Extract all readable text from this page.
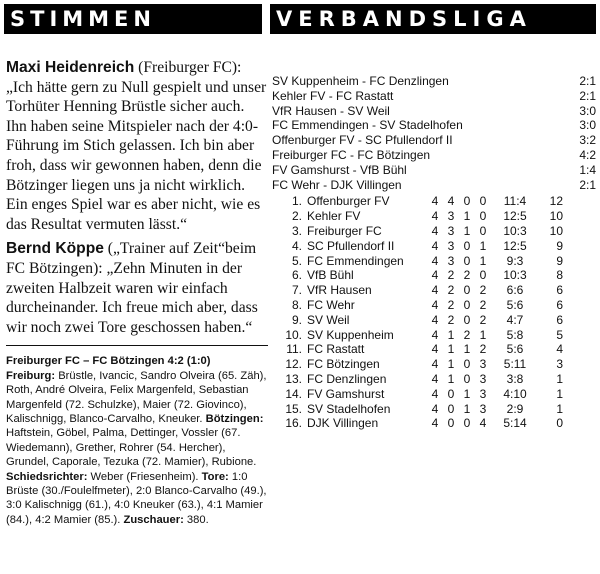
STIMMEN	VERBANDSLIGA

Maxi Heidenreich (Freiburger FC): „Ich hätte gern zu Null gespielt und unser Torhüter Henning Brüstle sicher auch. Ihn haben seine Mitspieler nach der 4:0-Führung im Stich gelassen. Ich bin aber froh, dass wir gewonnen haben, denn die Bötzinger liegen uns ja nicht wirklich. Ein enges Spiel war es aber nicht, wie es das Resultat vermuten lässt.“

Bernd Köppe („Trainer auf Zeit“beim FC Bötzingen): „Zehn Minuten in der zweiten Halbzeit waren wir einfach durcheinander. Ich freue mich aber, dass wir noch zwei Tore geschossen haben.“

Freiburger FC – FC Bötzingen 4:2 (1:0)
Freiburg: Brüstle, Ivancic, Sandro Olveira (65. Zäh), Roth, André Olveira, Felix Margenfeld, Sebastian Margenfeld (72. Schulzke), Maier (72. Giovinco), Kalischnigg, Blanco-Carvalho, Kneuker. Bötzingen: Haftstein, Göbel, Palma, Dettinger, Vossler (67. Wiedemann), Grether, Rohrer (54. Hercher), Grundel, Caporale, Tezuka (72. Mamier), Rubione. Schiedsrichter: Weber (Friesenheim). Tore: 1:0 Brüste (30./Foulelfmeter), 2:0 Blanco-Carvalho (49.), 3:0 Kalischnigg (61.), 4:0 Kneuker (63.), 4:1 Mamier (84.), 4:2 Mamier (85.). Zuschauer: 380.

SV Kuppenheim - FC Denzlingen	2:1
Kehler FV - FC Rastatt	2:1
VfR Hausen - SV Weil	3:0
FC Emmendingen - SV Stadelhofen	3:0
Offenburger FV - SC Pfullendorf II	3:2
Freiburger FC - FC Bötzingen	4:2
FV Gamshurst - VfB Bühl	1:4
FC Wehr - DJK Villingen	2:1
1.	Offenburger FV	4	4	0	0	11:4	12
2.	Kehler FV	4	3	1	0	12:5	10
3.	Freiburger FC	4	3	1	0	10:3	10
4.	SC Pfullendorf II	4	3	0	1	12:5	9
5.	FC Emmendingen	4	3	0	1	9:3	9
6.	VfB Bühl	4	2	2	0	10:3	8
7.	VfR Hausen	4	2	0	2	6:6	6
8.	FC Wehr	4	2	0	2	5:6	6
9.	SV Weil	4	2	0	2	4:7	6
10.	SV Kuppenheim	4	1	2	1	5:8	5
11.	FC Rastatt	4	1	1	2	5:6	4
12.	FC Bötzingen	4	1	0	3	5:11	3
13.	FC Denzlingen	4	1	0	3	3:8	1
14.	FV Gamshurst	4	0	1	3	4:10	1
15.	SV Stadelhofen	4	0	1	3	2:9	1
16.	DJK Villingen	4	0	0	4	5:14	0
